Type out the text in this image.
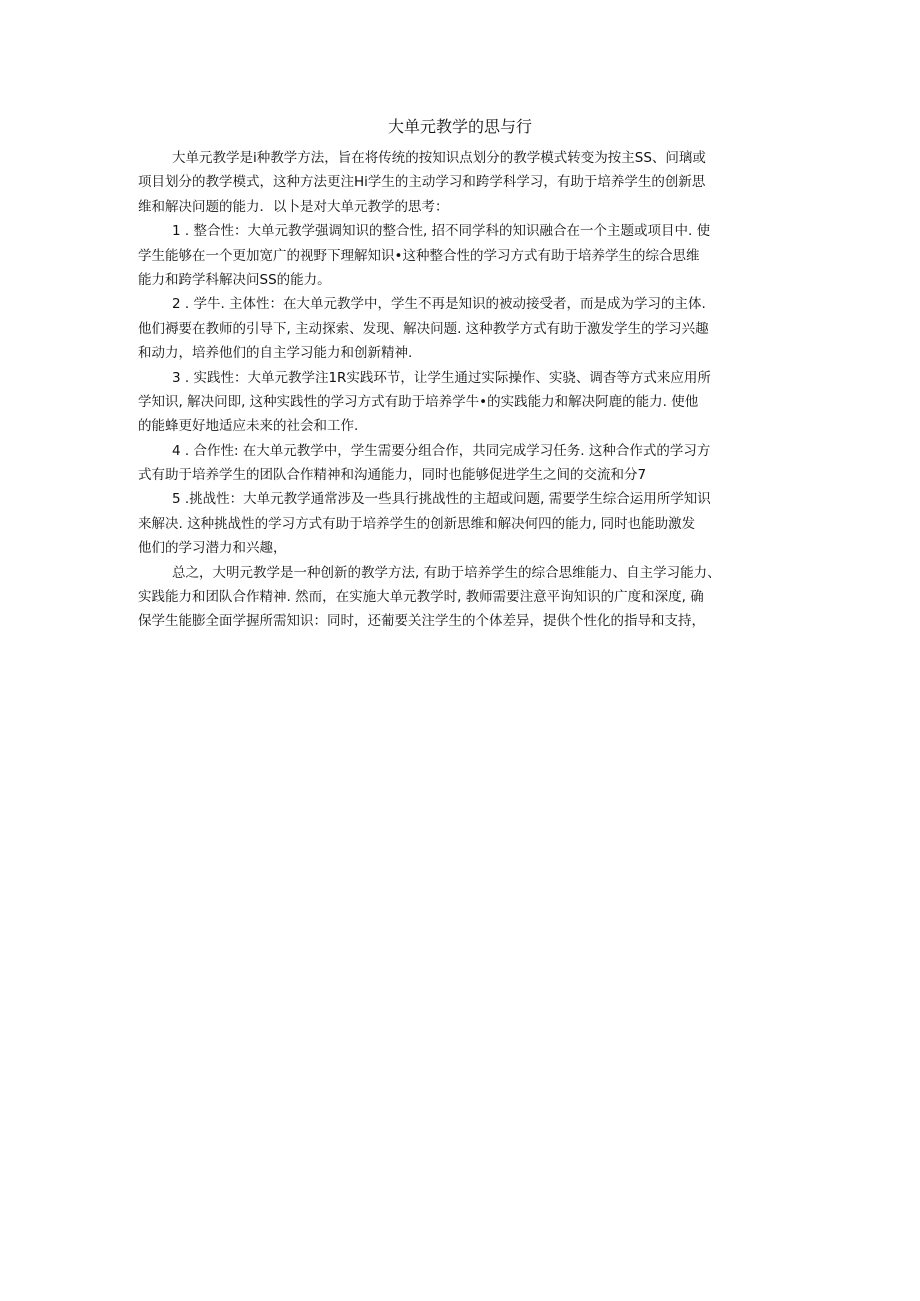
大单元教学的思与行
大单元教学是i种教学方法，旨在将传统的按知识点划分的教学模式转变为按主SS、问璃或
项目划分的教学模式，这种方法更注Hi学生的主动学习和跨学科学习，有助于培养学生的创新思
维和解决问题的能力．以卜是对大单元教学的思考：
1 . 整合性：大单元教学强调知识的整合性, 招不同学科的知识融合在一个主题或项目中. 使
学生能够在一个更加宽广的视野下理解知识•这种整合性的学习方式有助于培养学生的综合思维
能力和跨学科解决问SS的能力。
2 . 学牛. 主体性：在大单元教学中，学生不再是知识的被动接受者，而是成为学习的主体.
他们褥要在教师的引导下, 主动探索、发现、解决问题. 这种教学方式有助于激发学生的学习兴趣
和动力，培养他们的自主学习能力和创新精神.
3 . 实践性：大单元教学注1R实践环节，让学生通过实际操作、实骁、调杳等方式来应用所
学知识, 解决问即, 这种实践性的学习方式有助于培养学牛•的实践能力和解决阿鹿的能力. 使他
的能蜂更好地适应未来的社会和工作.
4 . 合作性: 在大单元教学中，学生需要分组合作，共同完成学习任务. 这种合作式的学习方
式有助于培养学生的团队合作精神和沟通能力，同时也能够促进学生之间的交流和分7
5 .挑战性：大单元教学通常涉及一些具行挑战性的主超或问题, 需要学生综合运用所学知识
来解决. 这种挑战性的学习方式有助于培养学生的创新思维和解决何四的能力, 同时也能助激发
他们的学习潜力和兴趣，
总之，大明元教学是一种创新的教学方法, 有助于培养学生的综合思维能力、自主学习能力、
实践能力和团队合作精神. 然而，在实施大单元教学时, 教师需要注意平询知识的广度和深度, 确
保学生能膨全面学握所需知识：同时，还葡要关注学生的个体差异，提供个性化的指导和支持，
